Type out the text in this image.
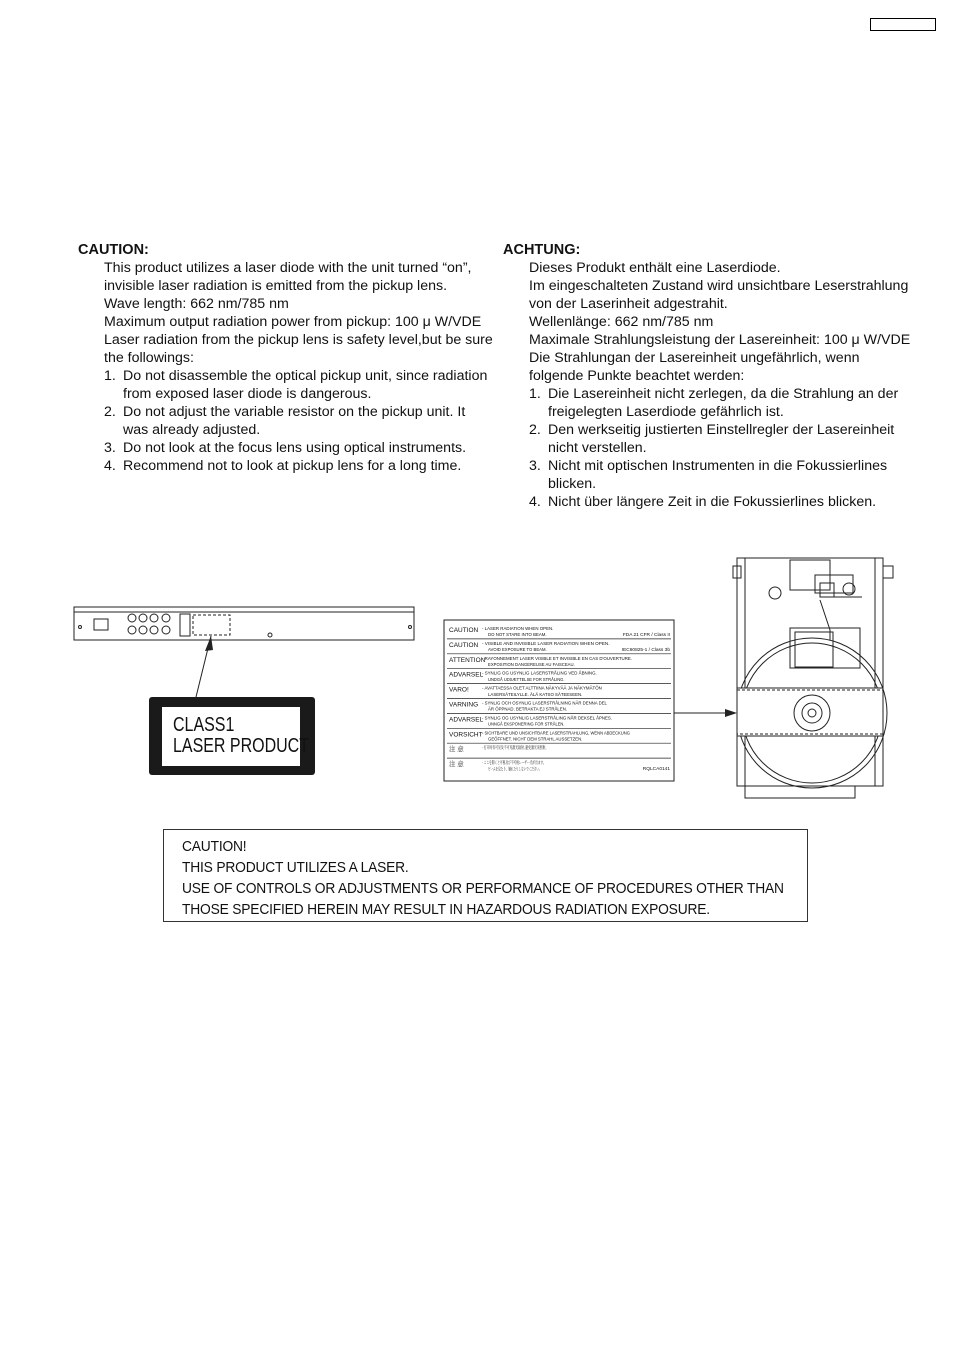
CAUTION:

This product utilizes a laser diode with the unit turned “on”, invisible laser radiation is emitted from the pickup lens.

Wave length: 662 nm/785 nm

Maximum output radiation power from pickup: 100 μ W/VDE

Laser radiation from the pickup lens is safety level,but be sure the followings:

1. Do not disassemble the optical pickup unit, since radiation from exposed laser diode is dangerous.
2. Do not adjust the variable resistor on the pickup unit. It was already adjusted.
3. Do not look at the focus lens using optical instruments.
4. Recommend not to look at pickup lens for a long time.
ACHTUNG:

Dieses Produkt enthält eine Laserdiode.

Im eingeschalteten Zustand wird unsichtbare Leserstrahlung von der Laserinheit adgestrahit.

Wellenlänge: 662 nm/785 nm

Maximale Strahlungsleistung der Lasereinheit: 100 μ W/VDE

Die Strahlungan der Lasereinheit ungefährlich, wenn folgende Punkte beachtet werden:

1. Die Lasereinheit nicht zerlegen, da die Strahlung an der freigelegten Laserdiode gefährlich ist.
2. Den werkseitig justierten Einstellregler der Lasereinheit nicht verstellen.
3. Nicht mit optischen Instrumenten in die Fokussierlines blicken.
4. Nicht über längere Zeit in die Fokussierlines blicken.
CLASS1
LASER PRODUCT
CAUTION - LASER RADIATION WHEN OPEN.
DO NOT STARE INTO BEAM.	FDA 21 CFR / Class II
CAUTION - VISIBLE AND INVISIBLE LASER RADIATION WHEN OPEN.
AVOID EXPOSURE TO BEAM.	IEC60825-1 / Class 3b
ATTENTION
- RAYONNEMENT LASER VISIBLE ET INVISIBLE EN CAS D'OUVERTURE.
EXPOSITION DANGEREUSE AU FAISCEAU.
ADVARSEL
- SYNLIG OG USYNLIG LASERSTRÅLING VED ÅBNING.
UNDGÅ UDSÆTTELSE FOR STRÅLING.
VARO!	- AVATTAESSA OLET ALTTIINA NÄKYVÄÄ JA NÄKYMÄTÖN
LASERSÄTEILYLLE. ÄLÄ KATSO SÄTEESEEN.
VARNING - SYNLIG OCH OSYNLIG LASERSTRÅLNING NÄR DENNA DEL
ÄR ÖPPNAD. BETRAKTA EJ STRÅLEN.
ADVARSEL
- SYNLIG OG USYNLIG LASERSTRÅLING NÅR DEKSEL ÅPNES.
UNNGÅ EKSPONERING FOR STRÅLEN.
VORSICHT - SICHTBARE UND UNSICHTBARE LASERSTRAHLUNG, WENN ABDECKUNG
GEÖFFNET. NICHT DEM STRAHL AUSSETZEN.
注 意	- 打开时有可见及不可见激光辐射, 避免激光束照射。
注 意	- ここを開くと可視及び不可視レーザー光が出ます。
ビームを見たり、触れたりしないでください。	RQLCA0141
CAUTION!
THIS PRODUCT UTILIZES A LASER.
USE OF CONTROLS OR ADJUSTMENTS OR PERFORMANCE OF PROCEDURES OTHER THAN
THOSE SPECIFIED HEREIN MAY RESULT IN HAZARDOUS RADIATION EXPOSURE.
